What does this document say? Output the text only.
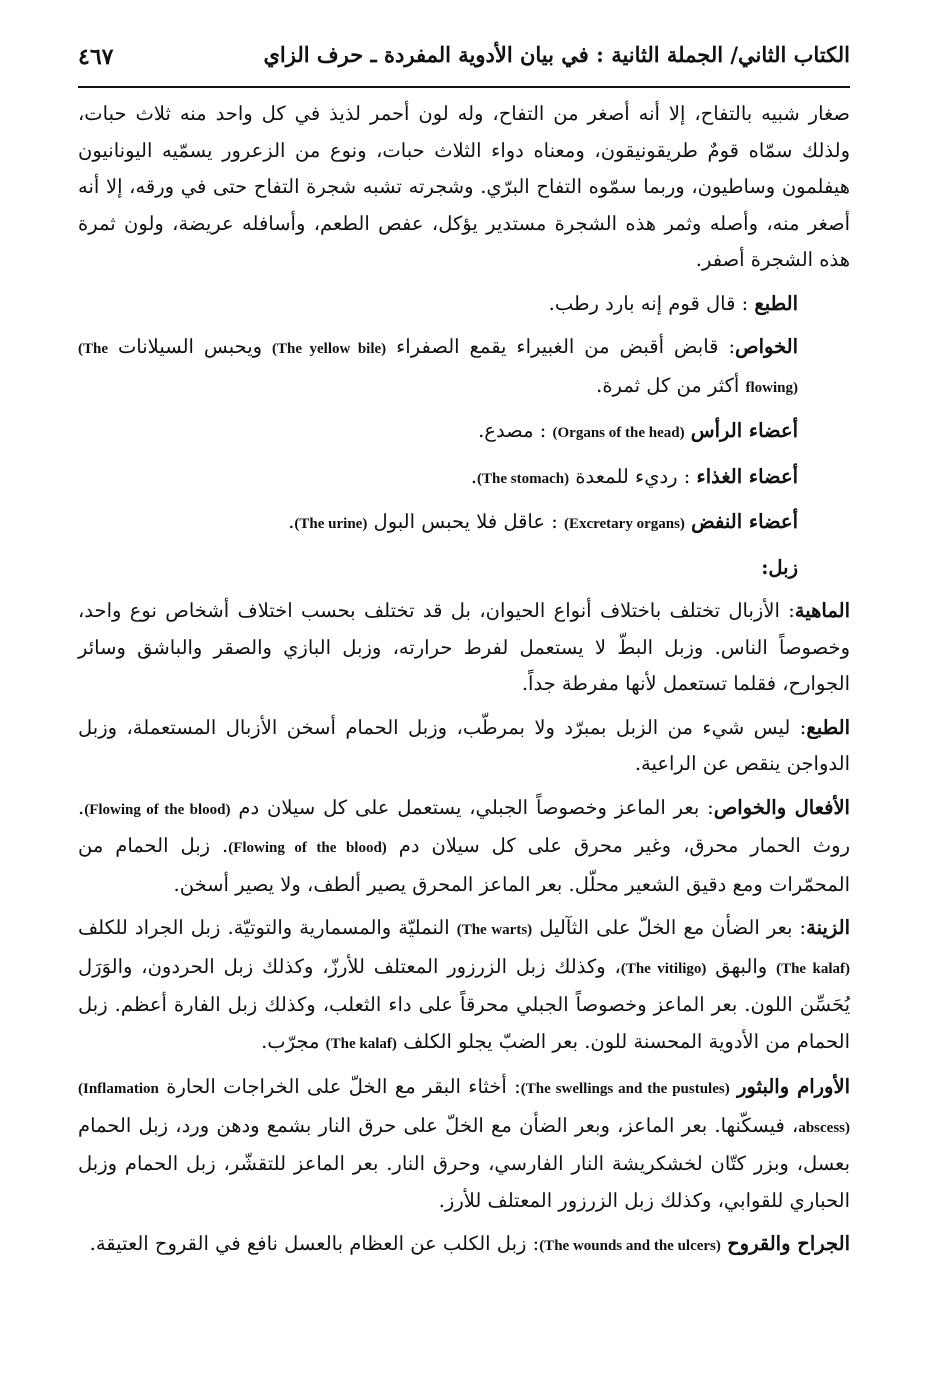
الكتاب الثاني/ الجملة الثانية : في بيان الأدوية المفردة ـ حرف الزاي
٤٦٧

صغار شبيه بالتفاح، إلا أنه أصغر من التفاح، وله لون أحمر لذيذ في كل واحد منه ثلاث حبات، ولذلك سمّاه قومٌ طريقونيقون، ومعناه دواء الثلاث حبات، ونوع من الزعرور يسمّيه اليونانيون هيفلمون وساطيون، وربما سمّوه التفاح البرّي. وشجرته تشبه شجرة التفاح حتى في ورقه، إلا أنه أصغر منه، وأصله وثمر هذه الشجرة مستدير يؤكل، عفص الطعم، وأسافله عريضة، ولون ثمرة هذه الشجرة أصفر.

الطبع : قال قوم إنه بارد رطب.

الخواص: قابض أقبض من الغبيراء يقمع الصفراء (The yellow bile) ويحبس السيلانات (The flowing) أكثر من كل ثمرة.

أعضاء الرأس (Organs of the head) : مصدع.

أعضاء الغذاء : رديء للمعدة (The stomach).

أعضاء النفض (Excretary organs) : عاقل فلا يحبس البول (The urine).

زبل:

الماهية: الأزبال تختلف باختلاف أنواع الحيوان، بل قد تختلف بحسب اختلاف أشخاص نوع واحد، وخصوصاً الناس. وزبل البطّ لا يستعمل لفرط حرارته، وزبل البازي والصقر والباشق وسائر الجوارح، فقلما تستعمل لأنها مفرطة جداً.

الطبع: ليس شيء من الزبل بمبرّد ولا بمرطّب، وزبل الحمام أسخن الأزبال المستعملة، وزبل الدواجن ينقص عن الراعية.

الأفعال والخواص: بعر الماعز وخصوصاً الجبلي، يستعمل على كل سيلان دم (Flowing of the blood). روث الحمار محرق، وغير محرق على كل سيلان دم (Flowing of the blood). زبل الحمام من المحمّرات ومع دقيق الشعير محلّل. بعر الماعز المحرق يصير ألطف، ولا يصير أسخن.

الزينة: بعر الضأن مع الخلّ على الثآليل (The warts) النمليّة والمسمارية والتوتيّة. زبل الجراد للكلف (The kalaf) والبهق (The vitiligo)، وكذلك زبل الزرزور المعتلف للأرزّ، وكذلك زبل الحردون، والوَرَل يُحَسِّن اللون. بعر الماعز وخصوصاً الجبلي محرقاً على داء الثعلب، وكذلك زبل الفارة أعظم. زبل الحمام من الأدوية المحسنة للون. بعر الضبّ يجلو الكلف (The kalaf) مجرّب.

الأورام والبثور (The swellings and the pustules): أخثاء البقر مع الخلّ على الخراجات الحارة (Inflamation abscess)، فيسكّنها. بعر الماعز، وبعر الضأن مع الخلّ على حرق النار بشمع ودهن ورد، زبل الحمام بعسل، وبزر كتّان لخشكريشة النار الفارسي، وحرق النار. بعر الماعز للتقشّر، زبل الحمام وزبل الحباري للقوابي، وكذلك زبل الزرزور المعتلف للأرز.

الجراح والقروح (The wounds and the ulcers): زبل الكلب عن العظام بالعسل نافع في القروح العتيقة.
